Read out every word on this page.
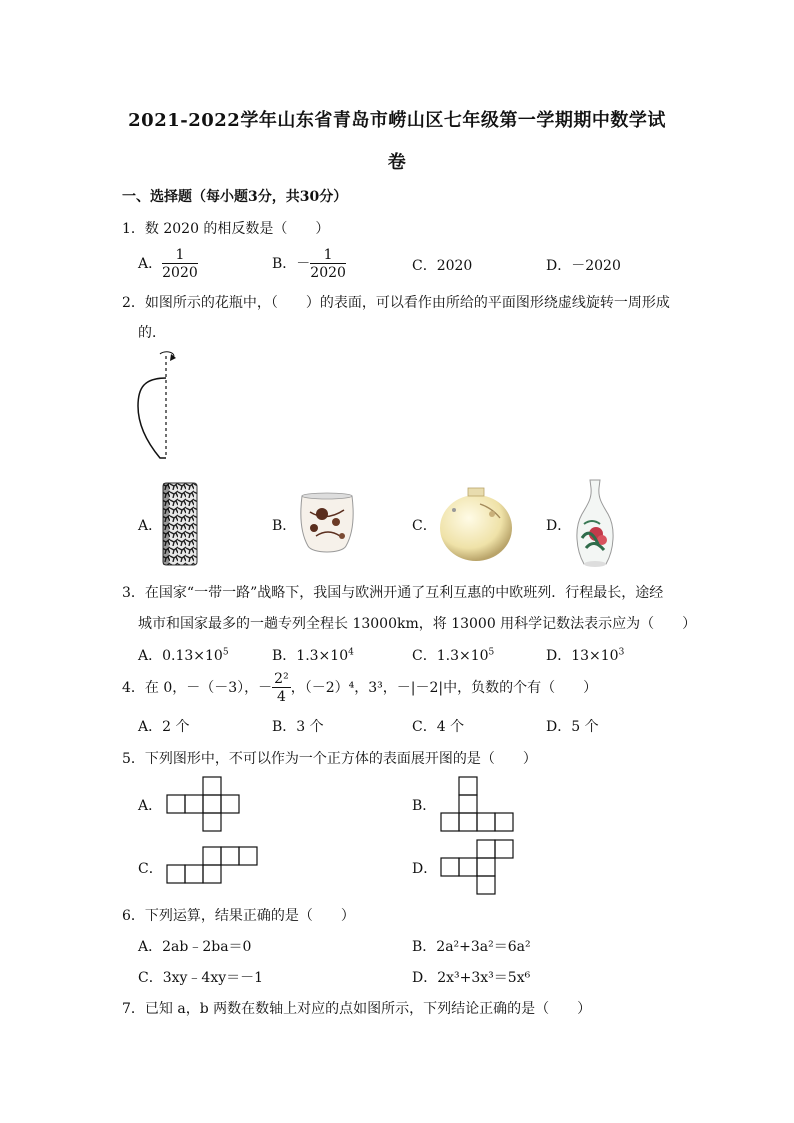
2021-2022学年山东省青岛市崂山区七年级第一学期期中数学试
卷
一、选择题（每小题3分，共30分）
1．数 2020 的相反数是（　　）
A． $\frac{1}{2020}$	B．－ $\frac{1}{2020}$	C．2020	D．－2020
2．如图所示的花瓶中，（　　）的表面，可以看作由所给的平面图形绕虚线旋转一周形成
的．
A．	B．	C．	D．
3．在国家“一带一路”战略下，我国与欧洲开通了互利互惠的中欧班列．行程最长，途经
城市和国家最多的一趟专列全程长 13000km，将 13000 用科学记数法表示应为（　　）
A．$0.13\times 10^5$	B．$1.3\times 10^4$	C．$1.3\times 10^5$	D．$13\times 10^3$
4．在 0，－（－3），－ $\frac{\text{2²}}{4}$ ，（－2）⁴，3³，－|－2|中，负数的个有（　　）
A．2 个	B．3 个	C．4 个	D．5 个
5．下列图形中，不可以作为一个正方体的表面展开图的是（　　）
A．	B．
C．	D．
6．下列运算，结果正确的是（　　）
A．2ab﹣2ba＝0	B．2a²+3a²＝6a²
C．3xy﹣4xy＝－1	D．2x³+3x³＝5x⁶
7．已知 a，b 两数在数轴上对应的点如图所示，下列结论正确的是（　　）
